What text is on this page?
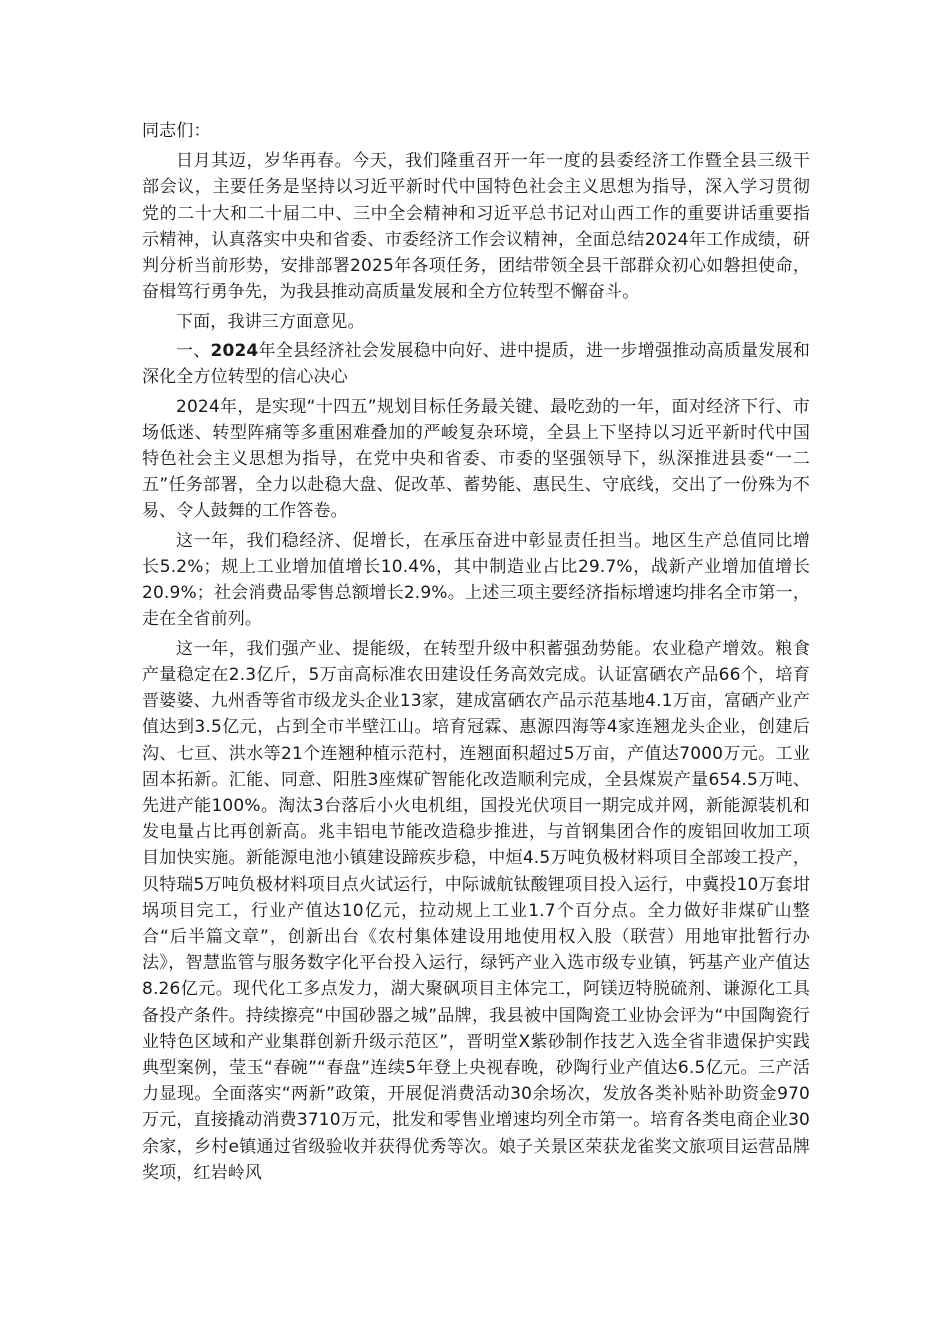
同志们：

日月其迈，岁华再春。今天，我们隆重召开一年一度的县委经济工作暨全县三级干部会议，主要任务是坚持以习近平新时代中国特色社会主义思想为指导，深入学习贯彻党的二十大和二十届二中、三中全会精神和习近平总书记对山西工作的重要讲话重要指示精神，认真落实中央和省委、市委经济工作会议精神，全面总结2024年工作成绩，研判分析当前形势，安排部署2025年各项任务，团结带领全县干部群众初心如磐担使命，奋楫笃行勇争先，为我县推动高质量发展和全方位转型不懈奋斗。

下面，我讲三方面意见。

一、2024年全县经济社会发展稳中向好、进中提质，进一步增强推动高质量发展和深化全方位转型的信心决心

2024年，是实现“十四五”规划目标任务最关键、最吃劲的一年，面对经济下行、市场低迷、转型阵痛等多重困难叠加的严峻复杂环境，全县上下坚持以习近平新时代中国特色社会主义思想为指导，在党中央和省委、市委的坚强领导下，纵深推进县委“一二五”任务部署，全力以赴稳大盘、促改革、蓄势能、惠民生、守底线，交出了一份殊为不易、令人鼓舞的工作答卷。

这一年，我们稳经济、促增长，在承压奋进中彰显责任担当。地区生产总值同比增长5.2%；规上工业增加值增长10.4%，其中制造业占比29.7%，战新产业增加值增长20.9%；社会消费品零售总额增长2.9%。上述三项主要经济指标增速均排名全市第一，走在全省前列。

这一年，我们强产业、提能级，在转型升级中积蓄强劲势能。农业稳产增效。粮食产量稳定在2.3亿斤，5万亩高标准农田建设任务高效完成。认证富硒农产品66个，培育晋婆婆、九州香等省市级龙头企业13家，建成富硒农产品示范基地4.1万亩，富硒产业产值达到3.5亿元，占到全市半壁江山。培育冠霖、惠源四海等4家连翘龙头企业，创建后沟、七亘、洪水等21个连翘种植示范村，连翘面积超过5万亩，产值达7000万元。工业固本拓新。汇能、同意、阳胜3座煤矿智能化改造顺利完成，全县煤炭产量654.5万吨、先进产能100%。淘汰3台落后小火电机组，国投光伏项目一期完成并网，新能源装机和发电量占比再创新高。兆丰铝电节能改造稳步推进，与首钢集团合作的废铝回收加工项目加快实施。新能源电池小镇建设蹄疾步稳，中烜4.5万吨负极材料项目全部竣工投产，贝特瑞5万吨负极材料项目点火试运行，中际诚航钛酸锂项目投入运行，中冀投10万套坩埚项目完工，行业产值达10亿元，拉动规上工业1.7个百分点。全力做好非煤矿山整合“后半篇文章”，创新出台《农村集体建设用地使用权入股（联营）用地审批暂行办法》，智慧监管与服务数字化平台投入运行，绿钙产业入选市级专业镇，钙基产业产值达8.26亿元。现代化工多点发力，湖大聚砜项目主体完工，阿镁迈特脱硫剂、谦源化工具备投产条件。持续擦亮“中国砂器之城”品牌，我县被中国陶瓷工业协会评为“中国陶瓷行业特色区域和产业集群创新升级示范区”，晋明堂X紫砂制作技艺入选全省非遗保护实践典型案例，莹玉“春碗”“春盘”连续5年登上央视春晚，砂陶行业产值达6.5亿元。三产活力显现。全面落实“两新”政策，开展促消费活动30余场次，发放各类补贴补助资金970万元，直接撬动消费3710万元，批发和零售业增速均列全市第一。培育各类电商企业30余家，乡村e镇通过省级验收并获得优秀等次。娘子关景区荣获龙雀奖文旅项目运营品牌奖项，红岩岭风
